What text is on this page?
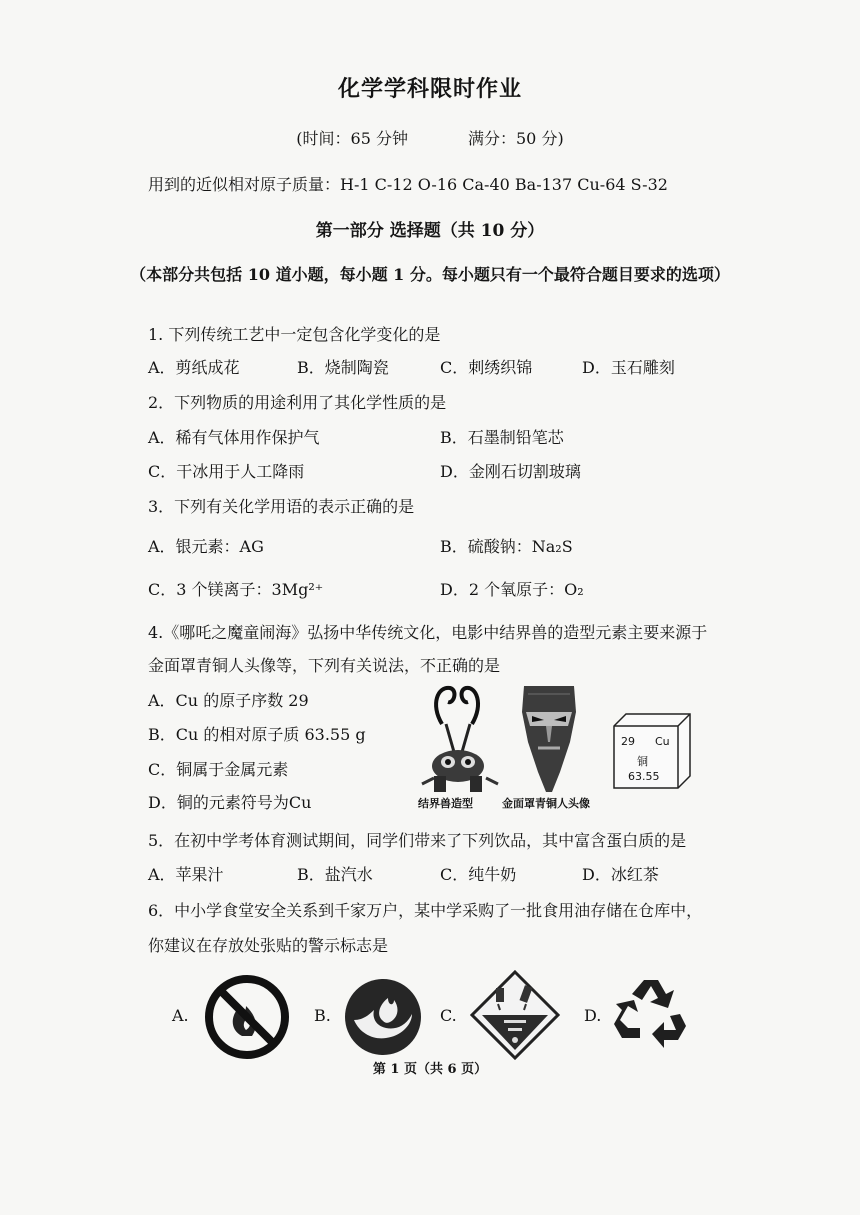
化学学科限时作业
(时间：65 分钟	满分：50 分)
用到的近似相对原子质量：H-1 C-12 O-16 Ca-40 Ba-137 Cu-64 S-32
第一部分 选择题（共 10 分）
（本部分共包括 10 道小题，每小题 1 分。每小题只有一个最符合题目要求的选项）
1. 下列传统工艺中一定包含化学变化的是
A．剪纸成花	B．烧制陶瓷	C．刺绣织锦	D．玉石雕刻
2．下列物质的用途利用了其化学性质的是
A．稀有气体用作保护气	B．石墨制铅笔芯
C．干冰用于人工降雨	D．金刚石切割玻璃
3．下列有关化学用语的表示正确的是
A．银元素：AG	B．硫酸钠：Na₂S
C．3 个镁离子：3Mg²⁺	D．2 个氧原子：O₂
4.《哪吒之魔童闹海》弘扬中华传统文化，电影中结界兽的造型元素主要来源于
金面罩青铜人头像等，下列有关说法，不正确的是
A．Cu 的原子序数 29
B．Cu 的相对原子质 63.55 g
C．铜属于金属元素
D．铜的元素符号为Cu	结界兽造型	金面罩青铜人头像
29 Cu
铜
63.55
5．在初中学考体育测试期间，同学们带来了下列饮品，其中富含蛋白质的是
A．苹果汁	B．盐汽水	C．纯牛奶	D．冰红茶
6．中小学食堂安全关系到千家万户，某中学采购了一批食用油存储在仓库中，
你建议在存放处张贴的警示标志是
A.	B.	C.	D.
第 1 页（共 6 页）
